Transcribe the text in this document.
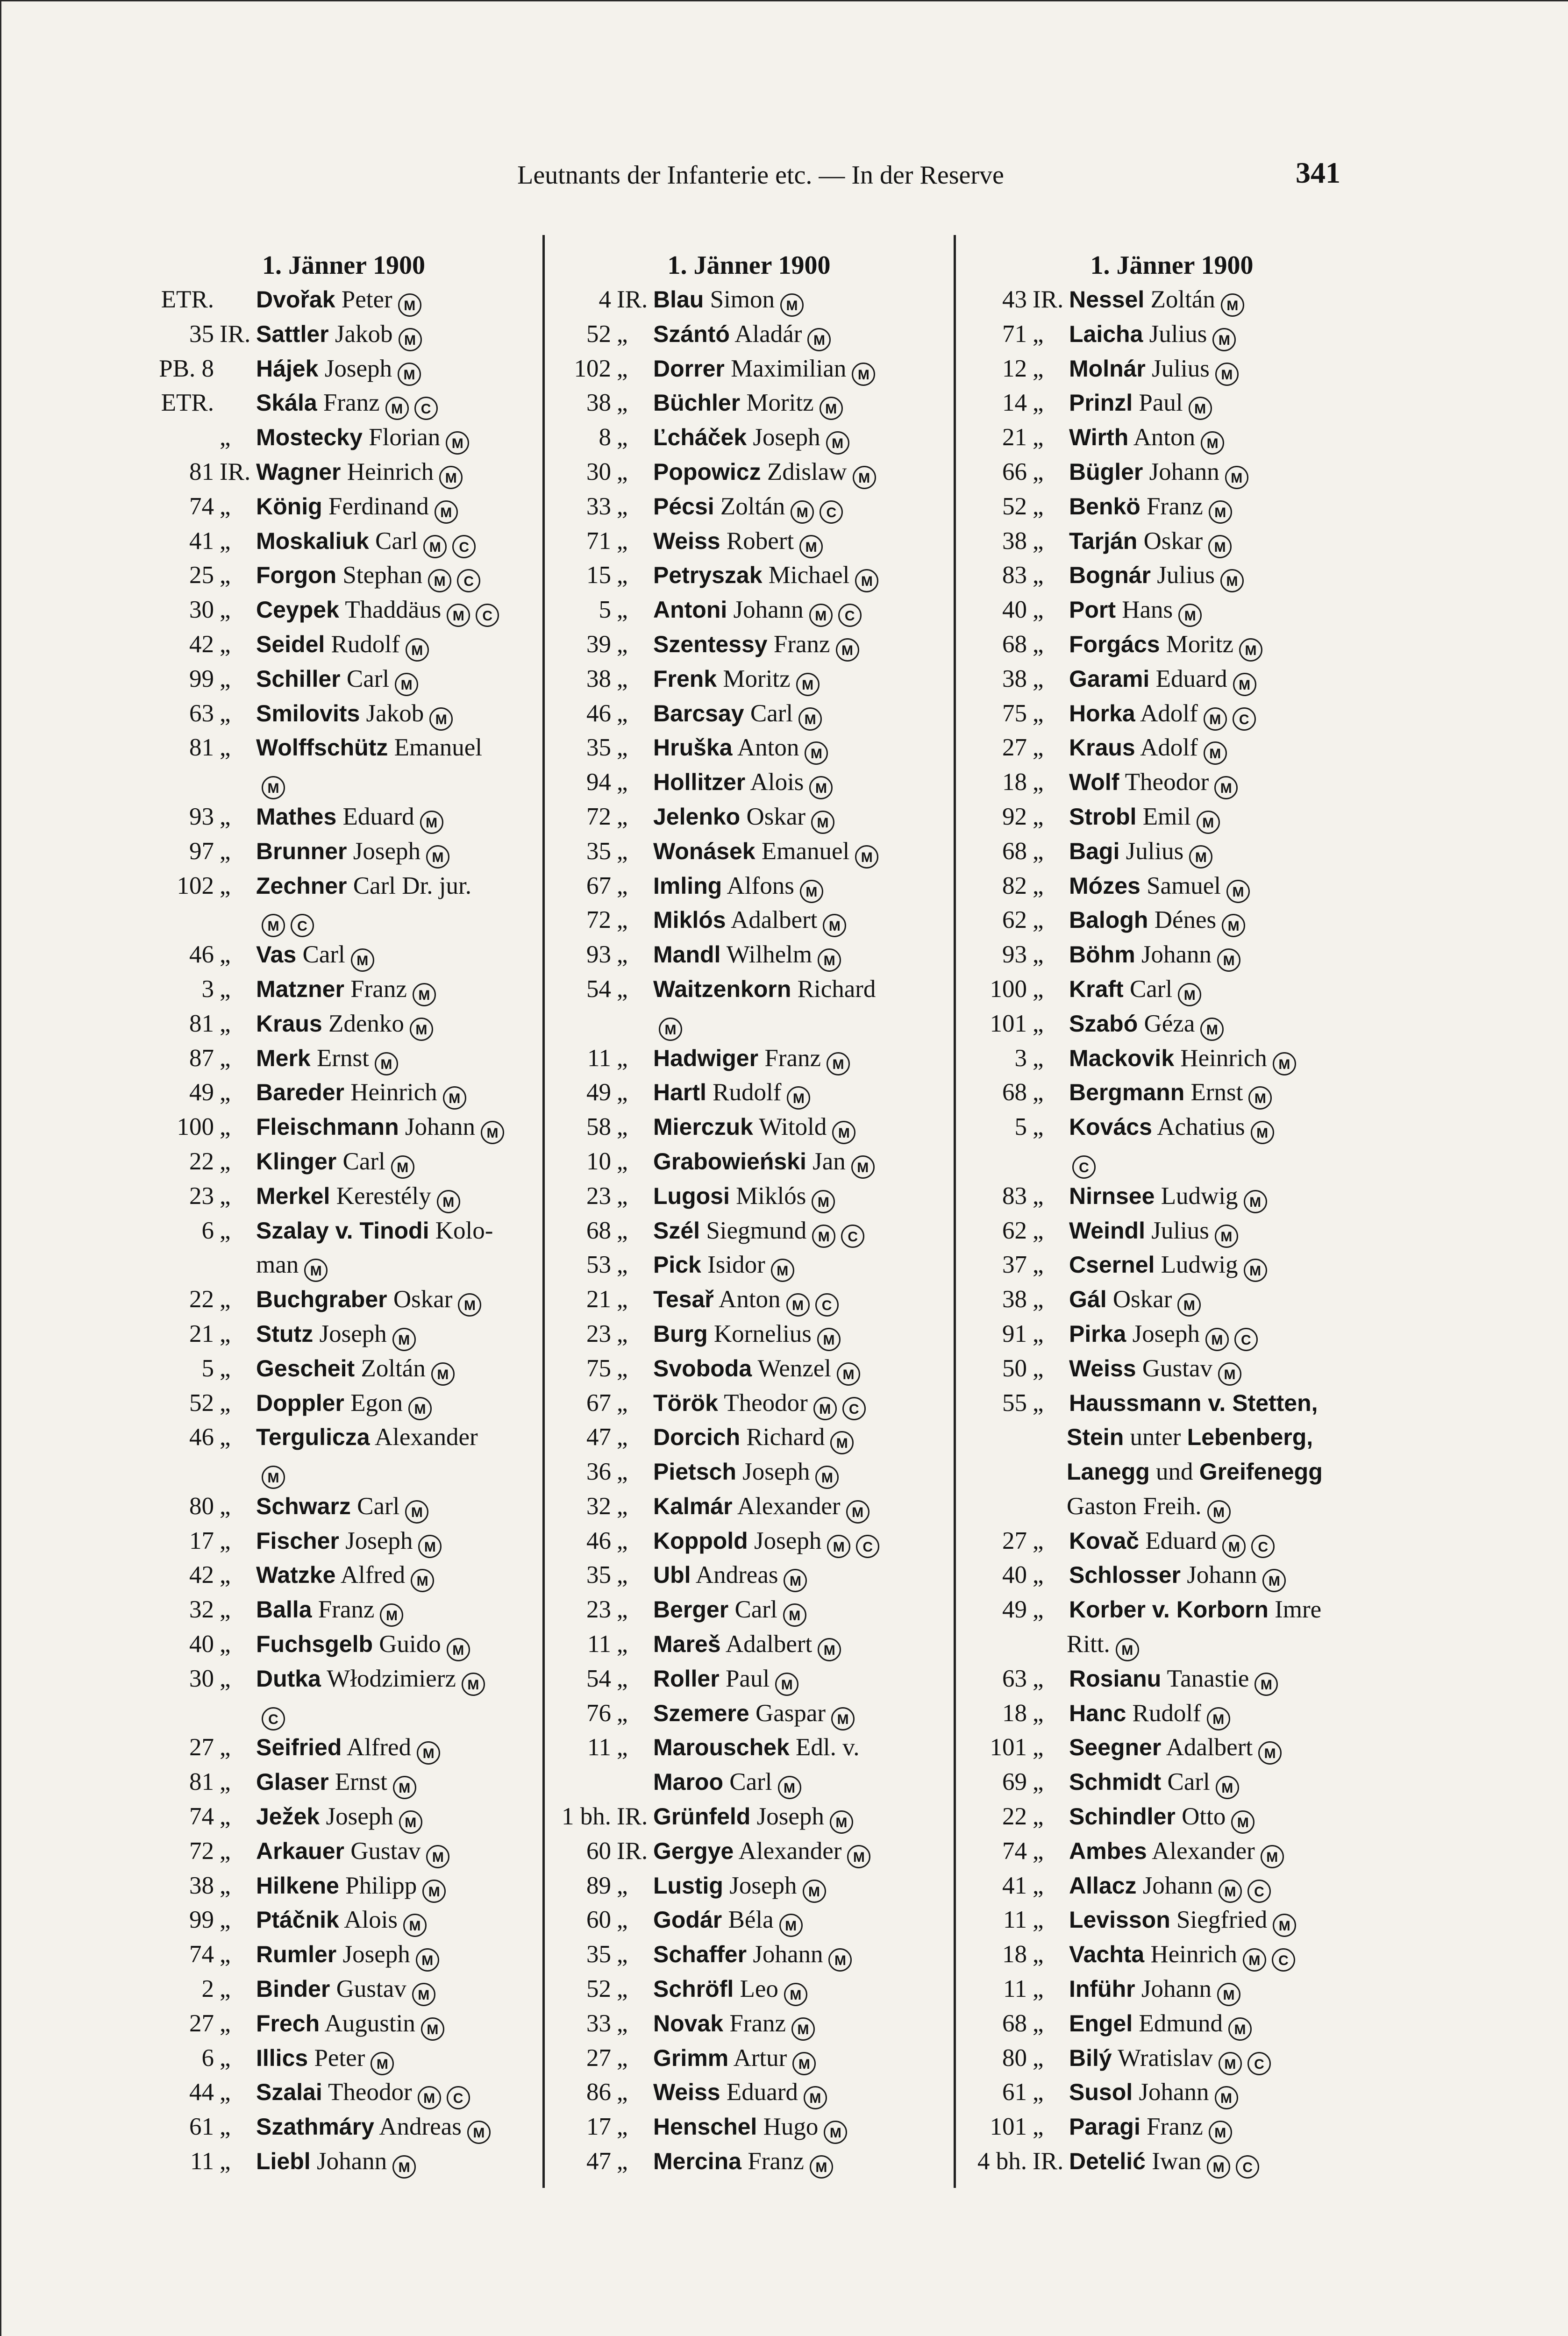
Leutnants der Infanterie etc. — In der Reserve	341
1. Jänner 1900
ETR.	Dvořak Peter M
35 IR. Sattler Jakob M
PB. 8	Hájek Joseph M
ETR.	Skála Franz M C
„	Mostecky Florian M
81 IR. Wagner Heinrich M
74 „	König Ferdinand M
41 „	Moskaliuk Carl M C
25 „	Forgon Stephan M C
30 „	Ceypek Thaddäus M C
42 „	Seidel Rudolf M
99 „	Schiller Carl M
63 „	Smilovits Jakob M
81 „	Wolffschütz Emanuel
M
93 „	Mathes Eduard M
97 „	Brunner Joseph M
102 „	Zechner Carl Dr. jur.
M C
46 „	Vas Carl M
3 „	Matzner Franz M
81 „	Kraus Zdenko M
87 „	Merk Ernst M
49 „	Bareder Heinrich M
100 „	Fleischmann Johann M
22 „	Klinger Carl M
23 „	Merkel Kerestély M
6 „	Szalay v. Tinodi Kolo-
man M
22 „	Buchgraber Oskar M
21 „	Stutz Joseph M
5 „	Gescheit Zoltán M
52 „	Doppler Egon M
46 „	Tergulicza Alexander
M
80 „	Schwarz Carl M
17 „	Fischer Joseph M
42 „	Watzke Alfred M
32 „	Balla Franz M
40 „	Fuchsgelb Guido M
30 „	Dutka Włodzimierz M
C
27 „	Seifried Alfred M
81 „	Glaser Ernst M
74 „	Ježek Joseph M
72 „	Arkauer Gustav M
38 „	Hilkene Philipp M
99 „	Ptáčnik Alois M
74 „	Rumler Joseph M
2 „	Binder Gustav M
27 „	Frech Augustin M
6 „	Illics Peter M
44 „	Szalai Theodor M C
61 „	Szathmáry Andreas M
11 „	Liebl Johann M
1. Jänner 1900
4 IR. Blau Simon M
52 „	Szántó Aladár M
102 „	Dorrer Maximilian M
38 „	Büchler Moritz M
8 „	Ľcháček Joseph M
30 „	Popowicz Zdislaw M
33 „	Pécsi Zoltán M C
71 „	Weiss Robert M
15 „	Petryszak Michael M
5 „	Antoni Johann M C
39 „	Szentessy Franz M
38 „	Frenk Moritz M
46 „	Barcsay Carl M
35 „	Hruška Anton M
94 „	Hollitzer Alois M
72 „	Jelenko Oskar M
35 „	Wonásek Emanuel M
67 „	Imling Alfons M
72 „	Miklós Adalbert M
93 „	Mandl Wilhelm M
54 „	Waitzenkorn Richard
M
11 „	Hadwiger Franz M
49 „	Hartl Rudolf M
58 „	Mierczuk Witold M
10 „	Grabowieński Jan M
23 „	Lugosi Miklós M
68 „	Szél Siegmund M C
53 „	Pick Isidor M
21 „	Tesař Anton M C
23 „	Burg Kornelius M
75 „	Svoboda Wenzel M
67 „	Török Theodor M C
47 „	Dorcich Richard M
36 „	Pietsch Joseph M
32 „	Kalmár Alexander M
46 „	Koppold Joseph M C
35 „	Ubl Andreas M
23 „	Berger Carl M
11 „	Mareš Adalbert M
54 „	Roller Paul M
76 „	Szemere Gaspar M
11 „	Marouschek Edl. v.
Maroo Carl M
1 bh. IR. Grünfeld Joseph M
60 IR. Gergye Alexander M
89 „	Lustig Joseph M
60 „	Godár Béla M
35 „	Schaffer Johann M
52 „	Schröfl Leo M
33 „	Novak Franz M
27 „	Grimm Artur M
86 „	Weiss Eduard M
17 „	Henschel Hugo M
47 „	Mercina Franz M
1. Jänner 1900
43 IR. Nessel Zoltán M
71 „	Laicha Julius M
12 „	Molnár Julius M
14 „	Prinzl Paul M
21 „	Wirth Anton M
66 „	Bügler Johann M
52 „	Benkö Franz M
38 „	Tarján Oskar M
83 „	Bognár Julius M
40 „	Port Hans M
68 „	Forgács Moritz M
38 „	Garami Eduard M
75 „	Horka Adolf M C
27 „	Kraus Adolf M
18 „	Wolf Theodor M
92 „	Strobl Emil M
68 „	Bagi Julius M
82 „	Mózes Samuel M
62 „	Balogh Dénes M
93 „	Böhm Johann M
100 „	Kraft Carl M
101 „	Szabó Géza M
3 „	Mackovik Heinrich M
68 „	Bergmann Ernst M
5 „	Kovács Achatius M
C
83 „	Nirnsee Ludwig M
62 „	Weindl Julius M
37 „	Csernel Ludwig M
38 „	Gál Oskar M
91 „	Pirka Joseph M C
50 „	Weiss Gustav M
55 „	Haussmann v. Stetten,
Stein unter Lebenberg,
Lanegg und Greifenegg
Gaston Freih. M
27 „	Kovač Eduard M C
40 „	Schlosser Johann M
49 „	Korber v. Korborn Imre
Ritt. M
63 „	Rosianu Tanastie M
18 „	Hanc Rudolf M
101 „	Seegner Adalbert M
69 „	Schmidt Carl M
22 „	Schindler Otto M
74 „	Ambes Alexander M
41 „	Allacz Johann M C
11 „	Levisson Siegfried M
18 „	Vachta Heinrich M C
11 „	Inführ Johann M
68 „	Engel Edmund M
80 „	Bilý Wratislav M C
61 „	Susol Johann M
101 „	Paragi Franz M
4 bh. IR. Detelić Iwan M C
